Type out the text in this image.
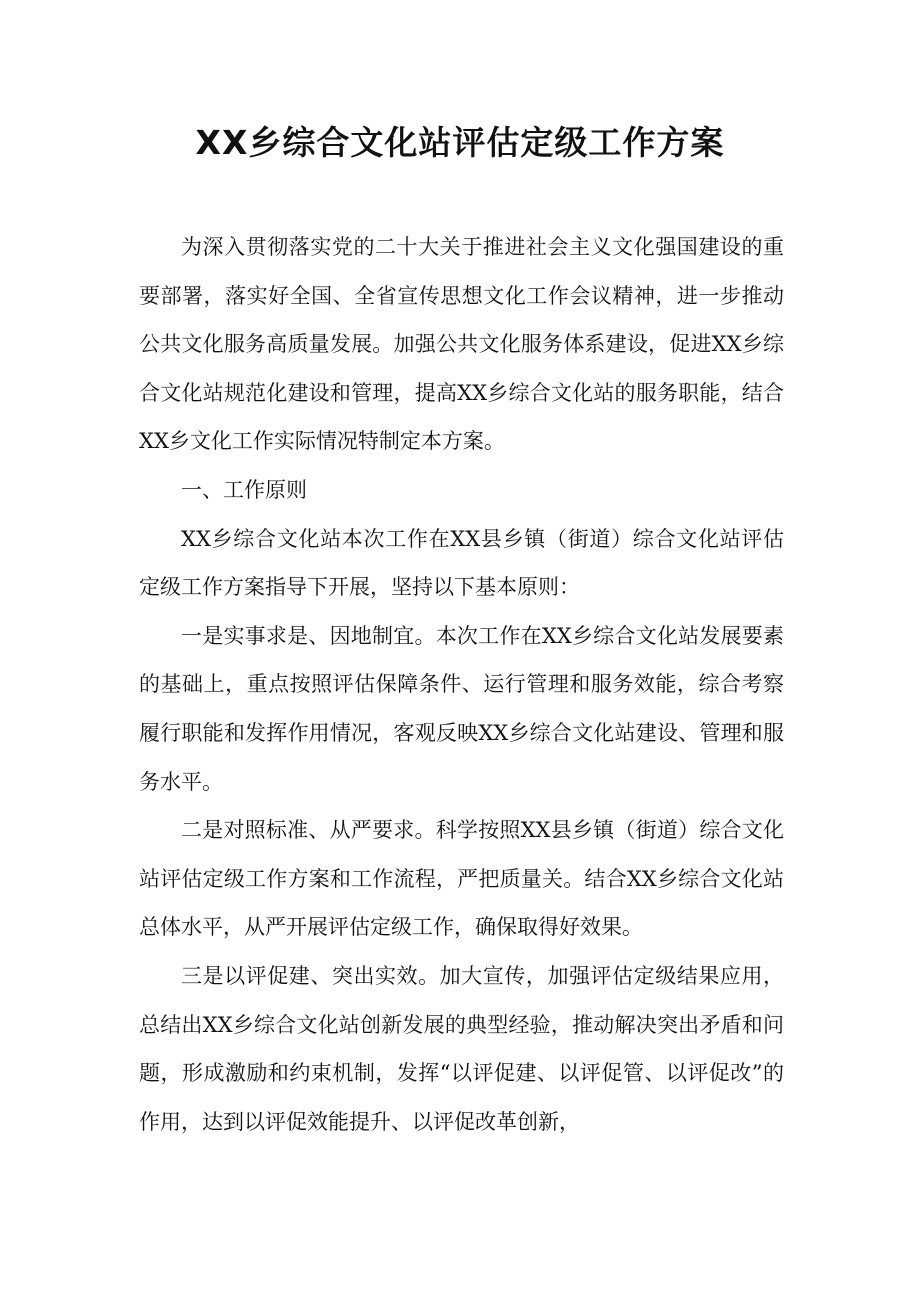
XX乡综合文化站评估定级工作方案

为深入贯彻落实党的二十大关于推进社会主义文化强国建设的重要部署，落实好全国、全省宣传思想文化工作会议精神，进一步推动公共文化服务高质量发展。加强公共文化服务体系建设，促进XX乡综合文化站规范化建设和管理，提高XX乡综合文化站的服务职能，结合XX乡文化工作实际情况特制定本方案。

一、工作原则

XX乡综合文化站本次工作在XX县乡镇（街道）综合文化站评估定级工作方案指导下开展，坚持以下基本原则：

一是实事求是、因地制宜。本次工作在XX乡综合文化站发展要素的基础上，重点按照评估保障条件、运行管理和服务效能，综合考察履行职能和发挥作用情况，客观反映XX乡综合文化站建设、管理和服务水平。

二是对照标准、从严要求。科学按照XX县乡镇（街道）综合文化站评估定级工作方案和工作流程，严把质量关。结合XX乡综合文化站总体水平，从严开展评估定级工作，确保取得好效果。

三是以评促建、突出实效。加大宣传，加强评估定级结果应用，总结出XX乡综合文化站创新发展的典型经验，推动解决突出矛盾和问题，形成激励和约束机制，发挥“以评促建、以评促管、以评促改”的作用，达到以评促效能提升、以评促改革创新，
